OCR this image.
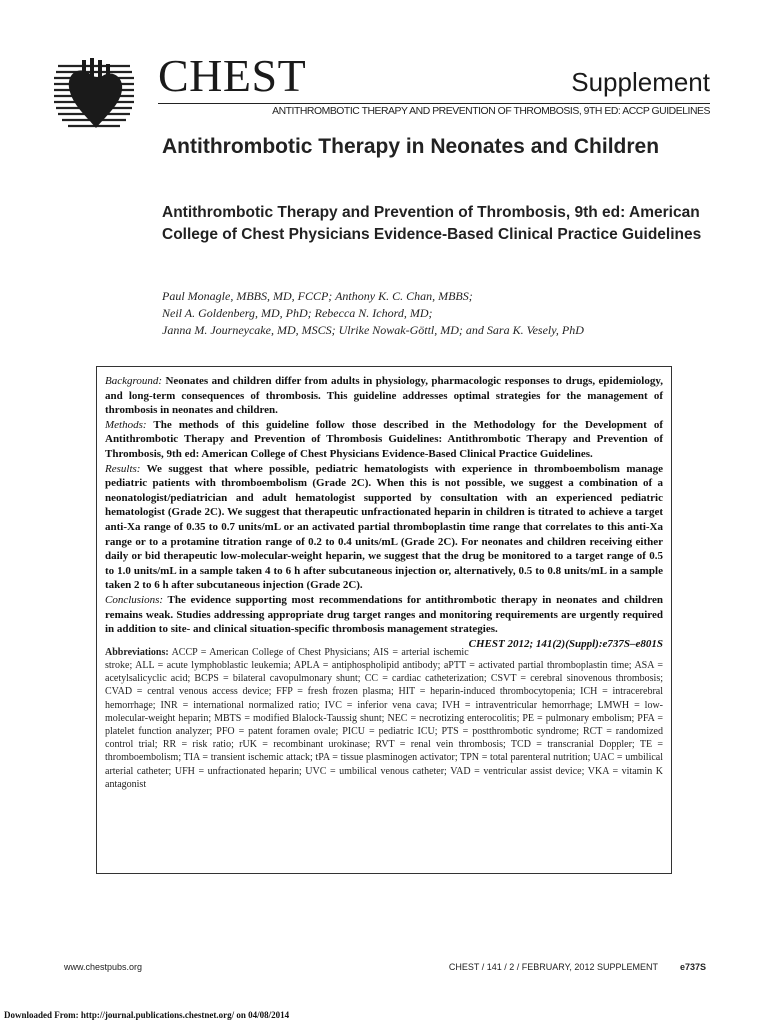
CHEST	Supplement
ANTITHROMBOTIC THERAPY AND PREVENTION OF THROMBOSIS, 9TH ED: ACCP GUIDELINES
Antithrombotic Therapy in Neonates and Children
Antithrombotic Therapy and Prevention of Thrombosis, 9th ed: American College of Chest Physicians Evidence-Based Clinical Practice Guidelines
Paul Monagle, MBBS, MD, FCCP; Anthony K. C. Chan, MBBS;
Neil A. Goldenberg, MD, PhD; Rebecca N. Ichord, MD;
Janna M. Journeycake, MD, MSCS; Ulrike Nowak-Göttl, MD; and Sara K. Vesely, PhD

Background: Neonates and children differ from adults in physiology, pharmacologic responses to drugs, epidemiology, and long-term consequences of thrombosis. This guideline addresses optimal strategies for the management of thrombosis in neonates and children.

Methods: The methods of this guideline follow those described in the Methodology for the Development of Antithrombotic Therapy and Prevention of Thrombosis Guidelines: Antithrombotic Therapy and Prevention of Thrombosis, 9th ed: American College of Chest Physicians Evidence-Based Clinical Practice Guidelines.

Results: We suggest that where possible, pediatric hematologists with experience in thromboembolism manage pediatric patients with thromboembolism (Grade 2C). When this is not possible, we suggest a combination of a neonatologist/pediatrician and adult hematologist supported by consultation with an experienced pediatric hematologist (Grade 2C). We suggest that therapeutic unfractionated heparin in children is titrated to achieve a target anti-Xa range of 0.35 to 0.7 units/mL or an activated partial thromboplastin time range that correlates to this anti-Xa range or to a protamine titration range of 0.2 to 0.4 units/mL (Grade 2C). For neonates and children receiving either daily or bid therapeutic low-molecular-weight heparin, we suggest that the drug be monitored to a target range of 0.5 to 1.0 units/mL in a sample taken 4 to 6 h after subcutaneous injection or, alternatively, 0.5 to 0.8 units/mL in a sample taken 2 to 6 h after subcutaneous injection (Grade 2C).

Conclusions: The evidence supporting most recommendations for antithrombotic therapy in neonates and children remains weak. Studies addressing appropriate drug target ranges and monitoring requirements are urgently required in addition to site- and clinical situation-specific thrombosis management strategies.
CHEST 2012; 141(2)(Suppl):e737S–e801S

Abbreviations: ACCP = American College of Chest Physicians; AIS = arterial ischemic stroke; ALL = acute lymphoblastic leukemia; APLA = antiphospholipid antibody; aPTT = activated partial thromboplastin time; ASA = acetylsalicyclic acid; BCPS = bilateral cavopulmonary shunt; CC = cardiac catheterization; CSVT = cerebral sinovenous thrombosis; CVAD = central venous access device; FFP = fresh frozen plasma; HIT = heparin-induced thrombocytopenia; ICH = intracerebral hemorrhage; INR = international normalized ratio; IVC = inferior vena cava; IVH = intraventricular hemorrhage; LMWH = low-molecular-weight heparin; MBTS = modified Blalock-Taussig shunt; NEC = necrotizing enterocolitis; PE = pulmonary embolism; PFA = platelet function analyzer; PFO = patent foramen ovale; PICU = pediatric ICU; PTS = postthrombotic syndrome; RCT = randomized control trial; RR = risk ratio; rUK = recombinant urokinase; RVT = renal vein thrombosis; TCD = transcranial Doppler; TE = thromboembolism; TIA = transient ischemic attack; tPA = tissue plasminogen activator; TPN = total parenteral nutrition; UAC = umbilical arterial catheter; UFH = unfractionated heparin; UVC = umbilical venous catheter; VAD = ventricular assist device; VKA = vitamin K antagonist

www.chestpubs.org	CHEST / 141 / 2 / FEBRUARY, 2012 SUPPLEMENT e737S
Downloaded From: http://journal.publications.chestnet.org/ on 04/08/2014
